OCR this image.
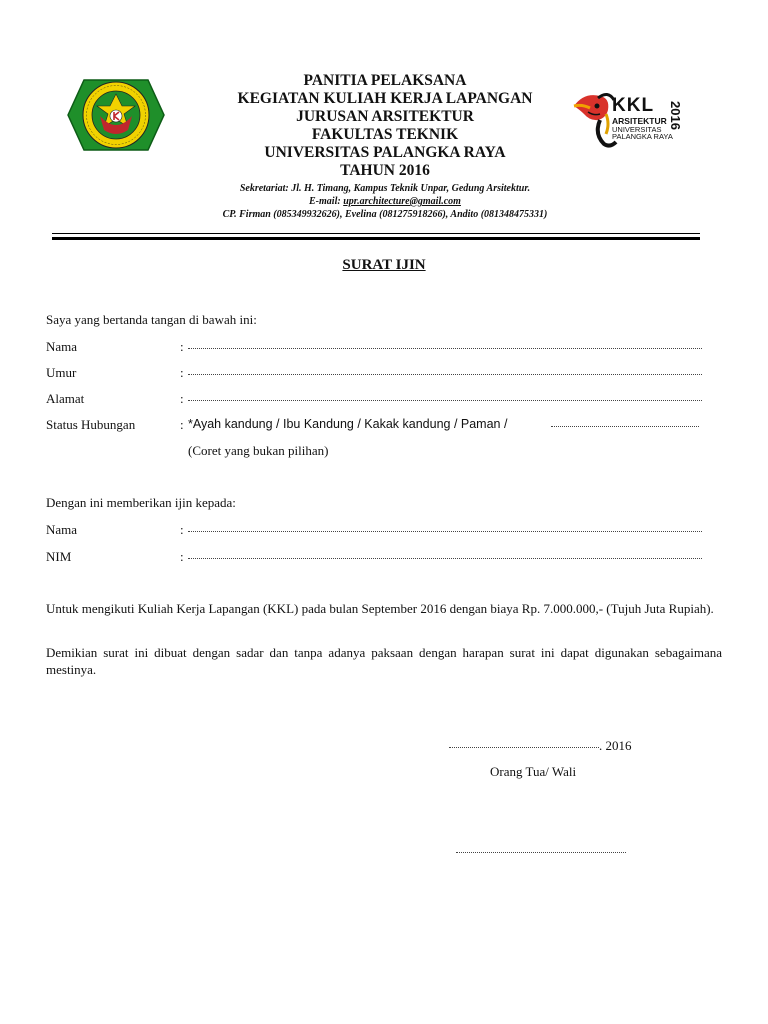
PANITIA PELAKSANA
KEGIATAN KULIAH KERJA LAPANGAN
JURUSAN ARSITEKTUR
FAKULTAS TEKNIK
UNIVERSITAS PALANGKA RAYA
TAHUN 2016
Sekretariat: Jl. H. Timang, Kampus Teknik Unpar, Gedung Arsitektur.
E-mail: upr.architecture@gmail.com
CP. Firman (085349932626), Evelina (081275918266), Andito (081348475331)
KKL
ARSITEKTUR
UNIVERSITAS
PALANGKA RAYA
2016
SURAT IJIN
Saya yang bertanda tangan di bawah ini:
Nama	:
Umur	:
Alamat	:
Status Hubungan	: *Ayah kandung / Ibu Kandung / Kakak kandung / Paman /
(Coret yang bukan pilihan)
Dengan ini memberikan ijin kepada:
Nama	:
NIM	:
Untuk mengikuti Kuliah Kerja Lapangan (KKL) pada bulan September 2016 dengan biaya Rp. 7.000.000,- (Tujuh Juta Rupiah).
Demikian surat ini dibuat dengan sadar dan tanpa adanya paksaan dengan harapan surat ini dapat digunakan sebagaimana mestinya.
. 2016
Orang Tua/ Wali
